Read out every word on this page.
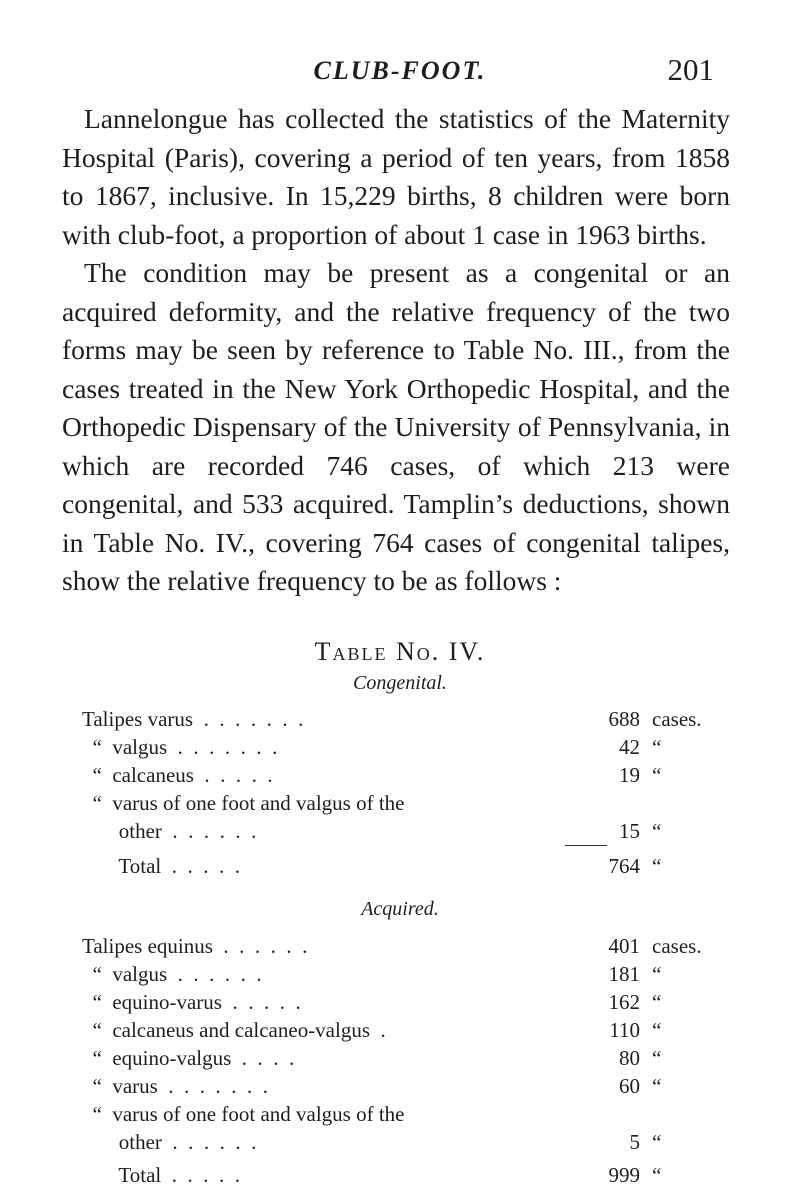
CLUB-FOOT.	201

Lannelongue has collected the statistics of the Maternity Hospital (Paris), covering a period of ten years, from 1858 to 1867, inclusive. In 15,229 births, 8 children were born with club-foot, a proportion of about 1 case in 1963 births.

The condition may be present as a congenital or an acquired deformity, and the relative frequency of the two forms may be seen by reference to Table No. III., from the cases treated in the New York Orthopedic Hospital, and the Orthopedic Dispensary of the University of Pennsylvania, in which are recorded 746 cases, of which 213 were congenital, and 533 acquired. Tamplin’s deductions, shown in Table No. IV., covering 764 cases of congenital talipes, show the relative frequency to be as follows :

Table No. IV.
Congenital.
Talipes varus  .  .  .  .  .  .  .	688 cases.
“  valgus  .  .  .  .  .  .  .	42 “
“  calcaneus  .  .  .  .  .	19 “
“  varus of one foot and valgus of the
other  .  .  .  .  .  .	15 “
Total  .  .  .  .  .	764 “
Acquired.
Talipes equinus  .  .  .  .  .  .	401 cases.
“  valgus  .  .  .  .  .  .	181 “
“  equino-varus  .  .  .  .  .	162 “
“  calcaneus and calcaneo-valgus  .	110 “
“  equino-valgus  .  .  .  .	80 “
“  varus  .  .  .  .  .  .  .	60 “
“  varus of one foot and valgus of the
other  .  .  .  .  .  .	5 “
Total  .  .  .  .  .	999 “
